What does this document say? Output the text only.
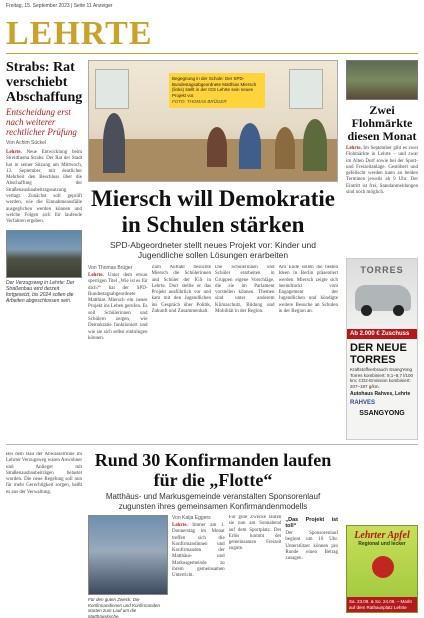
Freitag, 15. September 2023 | Seite 11 Anzeiger
LEHRTE
Strabs: Rat verschiebt Abschaffung
Entscheidung erst nach weiterer rechtlicher Prüfung
Von Achim Sückel
Lehrte. Neue Entwicklung beim Streitthema Strabs: Der Rat der Stadt hat in seiner Sitzung am Mittwoch, 13. September, mit deutlicher Mehrheit den Beschluss über die Abschaffung der Straßenausbaubeitragssatzung vertagt. Zunächst soll geprüft werden, wie die Einnahmeausfälle ausgeglichen werden können und welche Folgen sich für laufende Verfahren ergeben.
Der Verzugsweg in Lehrte: Der Straßenbau wird derzeit fortgesetzt, bis 2024 sollen die Arbeiten abgeschlossen sein.
Begegnung in der Schule: Der SPD-Bundestagsabgeordnete Matthias Miersch (links) stellt in der IGS Lehrte sein neues Projekt vor.
FOTO: THOMAS BRÜGER
Zwei Flohmärkte diesen Monat
Lehrte. Im September gibt es zwei Flohmärkte in Lehrte – und zwar im Alten Dorf sowie bei der Sport- und Freizeitanlage. Gestöbert und gefeilscht werden kann an beiden Terminen jeweils ab 9 Uhr. Der Eintritt ist frei, Standanmeldungen sind noch möglich.
Miersch will Demokratie in Schulen stärken
SPD-Abgeordneter stellt neues Projekt vor: Kinder und Jugendliche sollen Lösungen erarbeiten
Von Thomas Brüger
Lehrte. Unter dem etwas sperrigen Titel „Wie ist es für dich?“ hat der SPD-Bundestagsabgeordnete Matthias Miersch ein neues Projekt ins Leben gerufen. Es soll Schülerinnen und Schülern zeigen, wie Demokratie funktioniert und wie sie sich selbst einbringen können.
Zum Auftakt besuchte Miersch die Schülerinnen und Schüler der IGS in Lehrte. Dort stellte er das Projekt ausführlich vor und kam mit den Jugendlichen ins Gespräch über Politik, Zukunft und Zusammenhalt.
Die Schülerinnen und Schüler erarbeiten in Gruppen eigene Vorschläge, die sie im Parlament vorstellen können. Themen sind unter anderem Klimaschutz, Bildung und Mobilität in der Region.
Am Ende sollen die besten Ideen in Berlin präsentiert werden. Miersch zeigte sich beeindruckt vom Engagement der Jugendlichen und kündigte weitere Besuche an Schulen in der Region an.
TORRES
Ab 2.000 € Zuschuss
DER NEUE TORRES
Kraftstoffverbrauch SsangYong Torres kombiniert: 9,1–8,7 l/100 km; CO2-Emission kombiniert: 207–197 g/km.
Autohaus Rahves, Lehrte
RAHVES
SSANGYONG
Bei dem Bau der Abwasserrinne im Lehrter Verzugsweg waren Anwohner und Anlieger mit Straßenausbaubeiträgen belastet worden. Die neue Regelung soll nun für mehr Gerechtigkeit sorgen, heißt es aus der Verwaltung.
Rund 30 Konfirmanden laufen für die „Flotte“
Matthäus- und Markusgemeinde veranstalten Sponsorenlauf zugunsten ihres gemeinsamen Konfirmandenmodells
Für den guten Zweck: Die Konfirmandinnen und Konfirmanden starten zum Lauf um die Matthäuskirche.
Von Katja Eggers
Lehrte. Immer am 1. Donnerstag im Monat treffen sich die Konfirmandinnen und Konfirmanden der Matthäus- und Markusgemeinde zu ihrem gemeinsamen Unterricht.
Für gute Zwecke laufen sie nun am Sonnabend auf dem Sportplatz. Der Erlös kommt der gemeinsamen Freizeit zugute.
„Das Projekt ist toll“
Der Sponsorenlauf beginnt um 10 Uhr. Unterstützer können pro Runde einen Betrag zusagen.
Lehrter Apfel
Regional und lecker
Sa. 23.09. & So. 24.09. – Markt auf dem Rathausplatz Lehrte
